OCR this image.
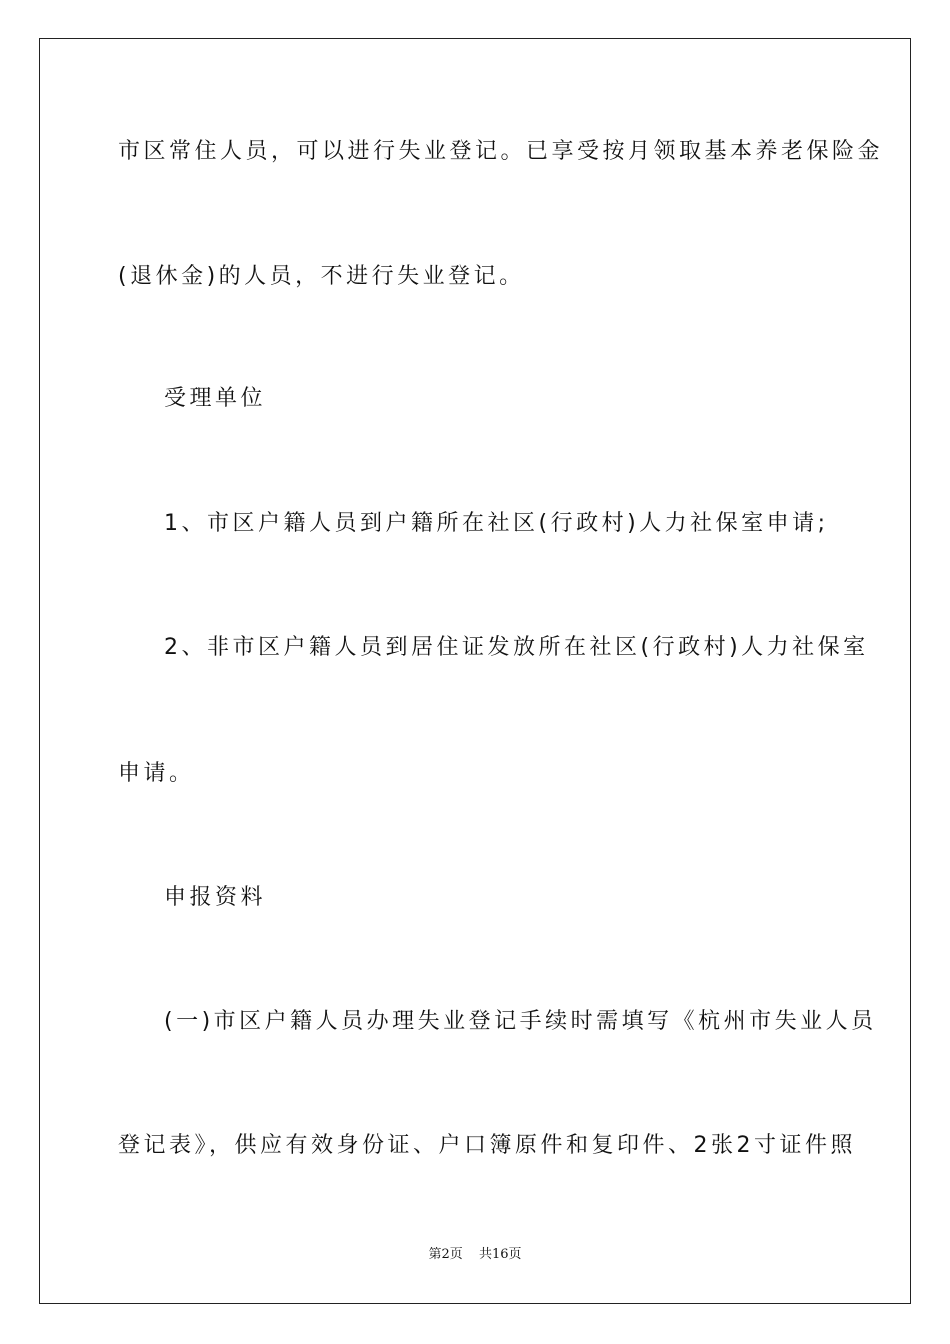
市区常住人员，可以进行失业登记。已享受按月领取基本养老保险金
(退休金)的人员，不进行失业登记。
受理单位
1、市区户籍人员到户籍所在社区(行政村)人力社保室申请;
2、非市区户籍人员到居住证发放所在社区(行政村)人力社保室
申请。
申报资料
(一)市区户籍人员办理失业登记手续时需填写《杭州市失业人员
登记表》，供应有效身份证、户口簿原件和复印件、2张2寸证件照
第2页 共16页
